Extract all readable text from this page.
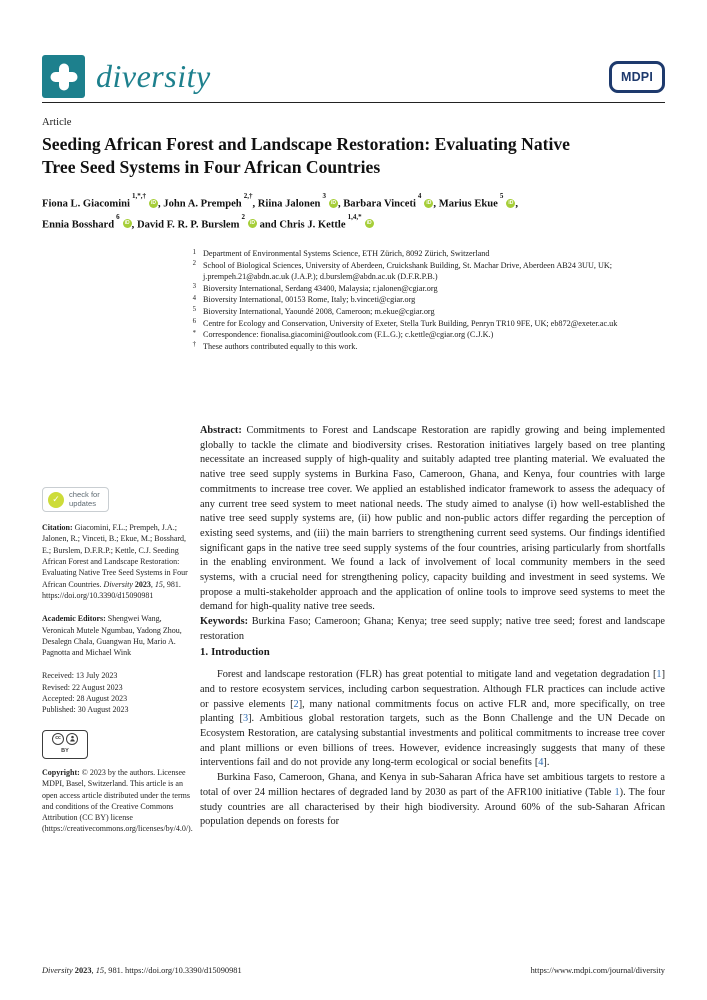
diversity	MDPI
Article
Seeding African Forest and Landscape Restoration: Evaluating Native Tree Seed Systems in Four African Countries
Fiona L. Giacomini$^{1,*,\dagger}$iD , John A. Prempeh$^{2,\dagger}$, Riina Jalonen$^3$iD , Barbara Vinceti$^4$iD , Marius Ekue$^5$iD ,
Ennia Bosshard$^6$iD , David F. R. P. Burslem$^2$iD and Chris J. Kettle$^{1,4,*}$iD
1 Department of Environmental Systems Science, ETH Zürich, 8092 Zürich, Switzerland
2 School of Biological Sciences, University of Aberdeen, Cruickshank Building, St. Machar Drive, Aberdeen AB24 3UU, UK; j.prempeh.21@abdn.ac.uk (J.A.P.); d.burslem@abdn.ac.uk (D.F.R.P.B.)
3 Bioversity International, Serdang 43400, Malaysia; r.jalonen@cgiar.org
4 Bioversity International, 00153 Rome, Italy; b.vinceti@cgiar.org
5 Bioversity International, Yaoundé 2008, Cameroon; m.ekue@cgiar.org
6 Centre for Ecology and Conservation, University of Exeter, Stella Turk Building, Penryn TR10 9FE, UK; eb872@exeter.ac.uk
* Correspondence: fionalisa.giacomini@outlook.com (F.L.G.); c.kettle@cgiar.org (C.J.K.)
† These authors contributed equally to this work.
✓	check for
updates
Citation: Giacomini, F.L.; Prempeh, J.A.; Jalonen, R.; Vinceti, B.; Ekue, M.; Bosshard, E.; Burslem, D.F.R.P.; Kettle, C.J. Seeding African Forest and Landscape Restoration: Evaluating Native Tree Seed Systems in Four African Countries. Diversity 2023, 15, 981. https://doi.org/10.3390/d15090981
Academic Editors: Shengwei Wang, Veronicah Mutele Ngumbau, Yadong Zhou, Desalegn Chala, Guangwan Hu, Mario A. Pagnotta and Michael Wink
Received: 13 July 2023
Revised: 22 August 2023
Accepted: 28 August 2023
Published: 30 August 2023
cc
BY
Copyright: © 2023 by the authors. Licensee MDPI, Basel, Switzerland. This article is an open access article distributed under the terms and conditions of the Creative Commons Attribution (CC BY) license (https://creativecommons.org/licenses/by/4.0/).

Abstract: Commitments to Forest and Landscape Restoration are rapidly growing and being implemented globally to tackle the climate and biodiversity crises. Restoration initiatives largely based on tree planting necessitate an increased supply of high-quality and suitably adapted tree planting material. We evaluated the native tree seed supply systems in Burkina Faso, Cameroon, Ghana, and Kenya, four countries with large commitments to increase tree cover. We applied an established indicator framework to assess the adequacy of any current tree seed system to meet national needs. The study aimed to analyse (i) how well-established the native tree seed supply systems are, (ii) how public and non-public actors differ regarding the perception of existing seed systems, and (iii) the main barriers to strengthening current seed systems. Our findings identified significant gaps in the native tree seed supply systems of the four countries, arising particularly from shortfalls in the enabling environment. We found a lack of involvement of local community members in the seed systems, with a crucial need for strengthening policy, capacity building and investment in seed systems. We propose a multi-stakeholder approach and the application of online tools to improve seed systems to meet the demand for high-quality native tree seeds.

Keywords: Burkina Faso; Cameroon; Ghana; Kenya; tree seed supply; native tree seed; forest and landscape restoration

1. Introduction

Forest and landscape restoration (FLR) has great potential to mitigate land and vegetation degradation [1] and to restore ecosystem services, including carbon sequestration. Although FLR practices can include active or passive elements [2], many national commitments focus on active FLR and, more specifically, on tree planting [3]. Ambitious global restoration targets, such as the Bonn Challenge and the UN Decade on Ecosystem Restoration, are catalysing substantial investments and political commitments to increase tree cover and plant millions or even billions of trees. However, evidence increasingly suggests that many of these interventions fail and do not provide any long-term ecological or social benefits [4].

Burkina Faso, Cameroon, Ghana, and Kenya in sub-Saharan Africa have set ambitious targets to restore a total of over 24 million hectares of degraded land by 2030 as part of the AFR100 initiative (Table 1). The four study countries are all characterised by their high biodiversity. Around 60% of the sub-Saharan African population depends on forests for

Diversity 2023, 15, 981. https://doi.org/10.3390/d15090981	https://www.mdpi.com/journal/diversity
